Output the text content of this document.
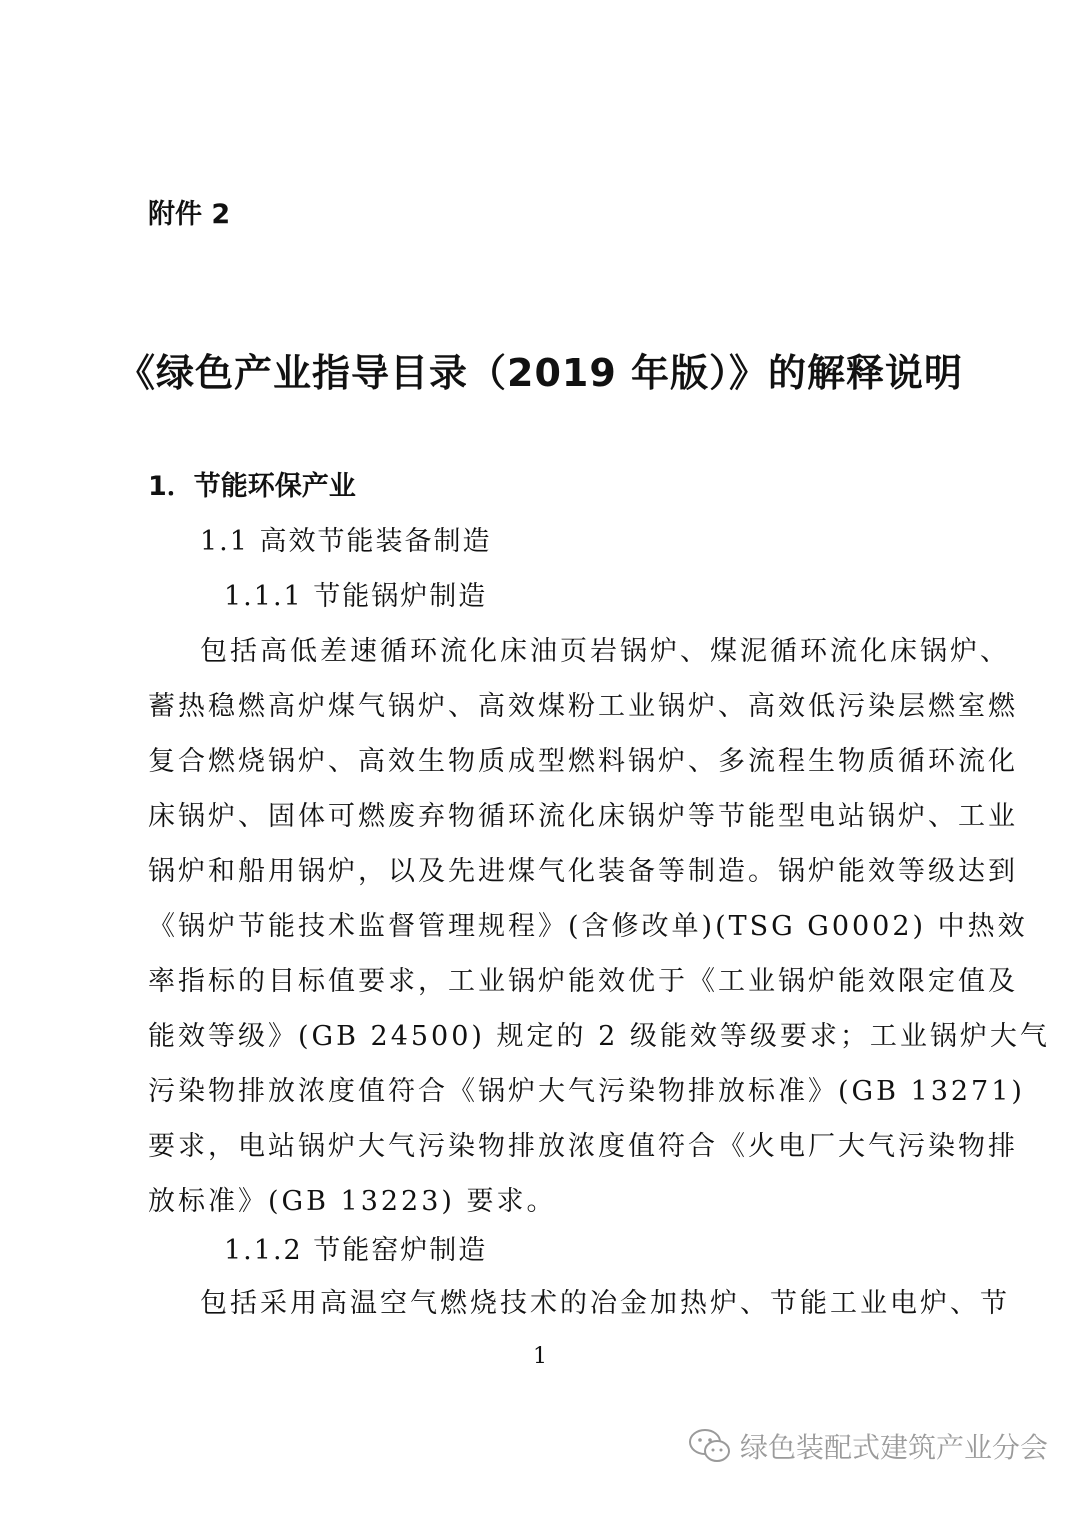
附件 2
《绿色产业指导目录（2019 年版）》的解释说明
1．节能环保产业
1.1 高效节能装备制造
1.1.1 节能锅炉制造
包括高低差速循环流化床油页岩锅炉、煤泥循环流化床锅炉、
蓄热稳燃高炉煤气锅炉、高效煤粉工业锅炉、高效低污染层燃室燃
复合燃烧锅炉、高效生物质成型燃料锅炉、多流程生物质循环流化
床锅炉、固体可燃废弃物循环流化床锅炉等节能型电站锅炉、工业
锅炉和船用锅炉，以及先进煤气化装备等制造。锅炉能效等级达到
《锅炉节能技术监督管理规程》(含修改单)(TSG G0002) 中热效
率指标的目标值要求，工业锅炉能效优于《工业锅炉能效限定值及
能效等级》(GB 24500) 规定的 2 级能效等级要求；工业锅炉大气
污染物排放浓度值符合《锅炉大气污染物排放标准》(GB 13271)
要求，电站锅炉大气污染物排放浓度值符合《火电厂大气污染物排
放标准》(GB 13223) 要求。
1.1.2 节能窑炉制造
包括采用高温空气燃烧技术的冶金加热炉、节能工业电炉、节
1
绿色装配式建筑产业分会
